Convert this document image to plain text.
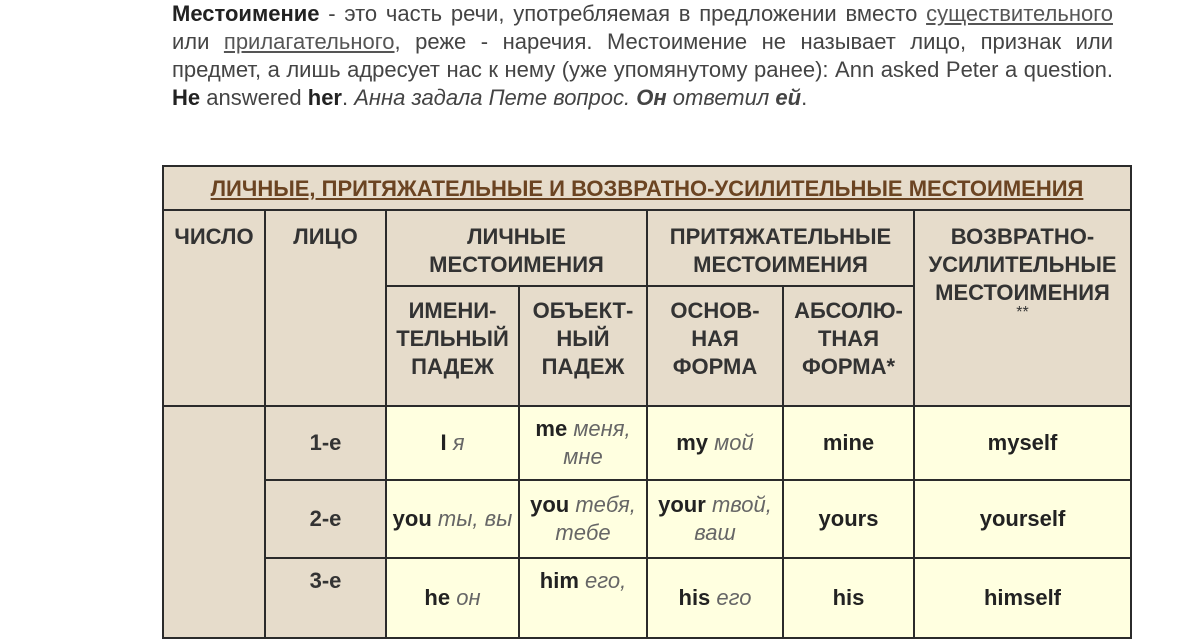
Местоимение - это часть речи, употребляемая в предложении вместо существительного или прилагательного, реже - наречия. Местоимение не называет лицо, признак или предмет, а лишь адресует нас к нему (уже упомянутому ранее): Ann asked Peter a question. He answered her. Анна задала Пете вопрос. Он ответил ей.
ЛИЧНЫЕ, ПРИТЯЖАТЕЛЬНЫЕ И ВОЗВРАТНО-УСИЛИТЕЛЬНЫЕ МЕСТОИМЕНИЯ						
ЧИСЛО	ЛИЦО	ЛИЧНЫЕ МЕСТОИМЕНИЯ		ПРИТЯЖАТЕЛЬНЫЕ МЕСТОИМЕНИЯ		ВОЗВРАТНО-УСИЛИТЕЛЬНЫЕ МЕСТОИМЕНИЯ
**

		ИМЕНИ-ТЕЛЬНЫЙ ПАДЕЖ	ОБЪЕКТ-НЫЙ ПАДЕЖ	ОСНОВ-НАЯ ФОРМА	АБСОЛЮ-ТНАЯ ФОРМА*	
	1-е	I я	me меня, мне	my мой	mine	myself
	2-е	you ты, вы	you тебя, тебе	your твой, ваш	yours	yourself
	3-е	he он	him его,	his его	his	himself
